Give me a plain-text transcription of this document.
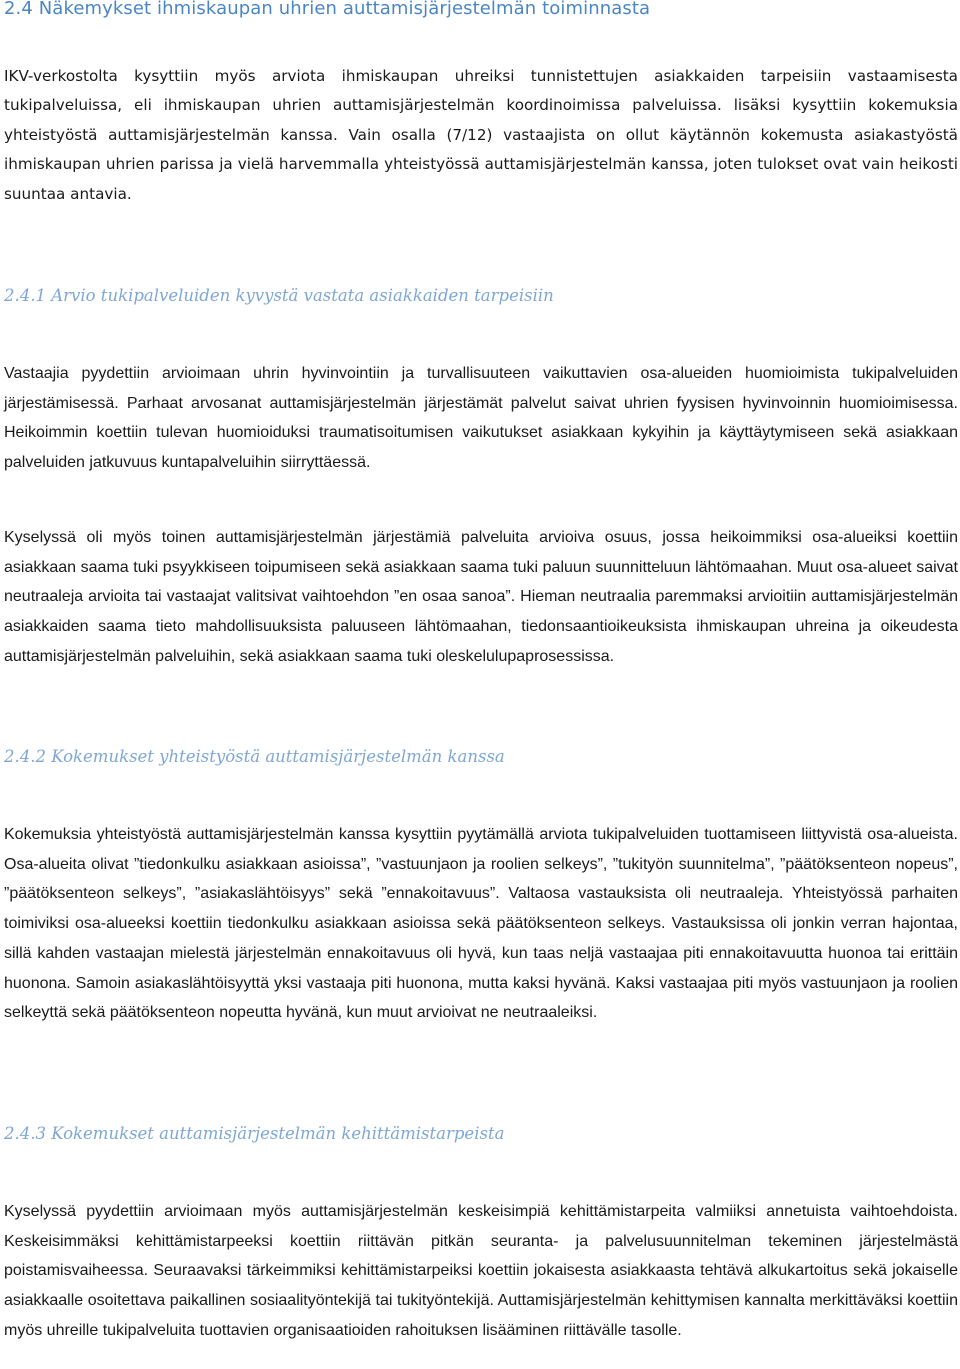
2.4 Näkemykset ihmiskaupan uhrien auttamisjärjestelmän toiminnasta

IKV-verkostolta kysyttiin myös arviota ihmiskaupan uhreiksi tunnistettujen asiakkaiden tarpeisiin vastaamisesta tukipalveluissa, eli ihmiskaupan uhrien auttamisjärjestelmän koordinoimissa palveluissa. lisäksi kysyttiin kokemuksia yhteistyöstä auttamisjärjestelmän kanssa. Vain osalla (7/12) vastaajista on ollut käytännön kokemusta asiakastyöstä ihmiskaupan uhrien parissa ja vielä harvemmalla yhteistyössä auttamisjärjestelmän kanssa, joten tulokset ovat vain heikosti suuntaa antavia.

2.4.1 Arvio tukipalveluiden kyvystä vastata asiakkaiden tarpeisiin

Vastaajia pyydettiin arvioimaan uhrin hyvinvointiin ja turvallisuuteen vaikuttavien osa-alueiden huomioimista tukipalveluiden järjestämisessä. Parhaat arvosanat auttamisjärjestelmän järjestämät palvelut saivat uhrien fyysisen hyvinvoinnin huomioimisessa. Heikoimmin koettiin tulevan huomioiduksi traumatisoitumisen vaikutukset asiakkaan kykyihin ja käyttäytymiseen sekä asiakkaan palveluiden jatkuvuus kuntapalveluihin siirryttäessä.

Kyselyssä oli myös toinen auttamisjärjestelmän järjestämiä palveluita arvioiva osuus, jossa heikoimmiksi osa-alueiksi koettiin asiakkaan saama tuki psyykkiseen toipumiseen sekä asiakkaan saama tuki paluun suunnitteluun lähtömaahan. Muut osa-alueet saivat neutraaleja arvioita tai vastaajat valitsivat vaihtoehdon ”en osaa sanoa”. Hieman neutraalia paremmaksi arvioitiin auttamisjärjestelmän asiakkaiden saama tieto mahdollisuuksista paluuseen lähtömaahan, tiedonsaantioikeuksista ihmiskaupan uhreina ja oikeudesta auttamisjärjestelmän palveluihin, sekä asiakkaan saama tuki oleskelulupaprosessissa.

2.4.2 Kokemukset yhteistyöstä auttamisjärjestelmän kanssa

Kokemuksia yhteistyöstä auttamisjärjestelmän kanssa kysyttiin pyytämällä arviota tukipalveluiden tuottamiseen liittyvistä osa-alueista. Osa-alueita olivat ”tiedonkulku asiakkaan asioissa”, ”vastuunjaon ja roolien selkeys”, ”tukityön suunnitelma”, ”päätöksenteon nopeus”, ”päätöksenteon selkeys”, ”asiakaslähtöisyys” sekä ”ennakoitavuus”. Valtaosa vastauksista oli neutraaleja. Yhteistyössä parhaiten toimiviksi osa-alueeksi koettiin tiedonkulku asiakkaan asioissa sekä päätöksenteon selkeys. Vastauksissa oli jonkin verran hajontaa, sillä kahden vastaajan mielestä järjestelmän ennakoitavuus oli hyvä, kun taas neljä vastaajaa piti ennakoitavuutta huonoa tai erittäin huonona. Samoin asiakaslähtöisyyttä yksi vastaaja piti huonona, mutta kaksi hyvänä. Kaksi vastaajaa piti myös vastuunjaon ja roolien selkeyttä sekä päätöksenteon nopeutta hyvänä, kun muut arvioivat ne neutraaleiksi.

2.4.3 Kokemukset auttamisjärjestelmän kehittämistarpeista

Kyselyssä pyydettiin arvioimaan myös auttamisjärjestelmän keskeisimpiä kehittämistarpeita valmiiksi annetuista vaihtoehdoista. Keskeisimmäksi kehittämistarpeeksi koettiin riittävän pitkän seuranta- ja palvelusuunnitelman tekeminen järjestelmästä poistamisvaiheessa. Seuraavaksi tärkeimmiksi kehittämistarpeiksi koettiin jokaisesta asiakkaasta tehtävä alkukartoitus sekä jokaiselle asiakkaalle osoitettava paikallinen sosiaalityöntekijä tai tukityöntekijä. Auttamisjärjestelmän kehittymisen kannalta merkittäväksi koettiin myös uhreille tukipalveluita tuottavien organisaatioiden rahoituksen lisääminen riittävälle tasolle.
